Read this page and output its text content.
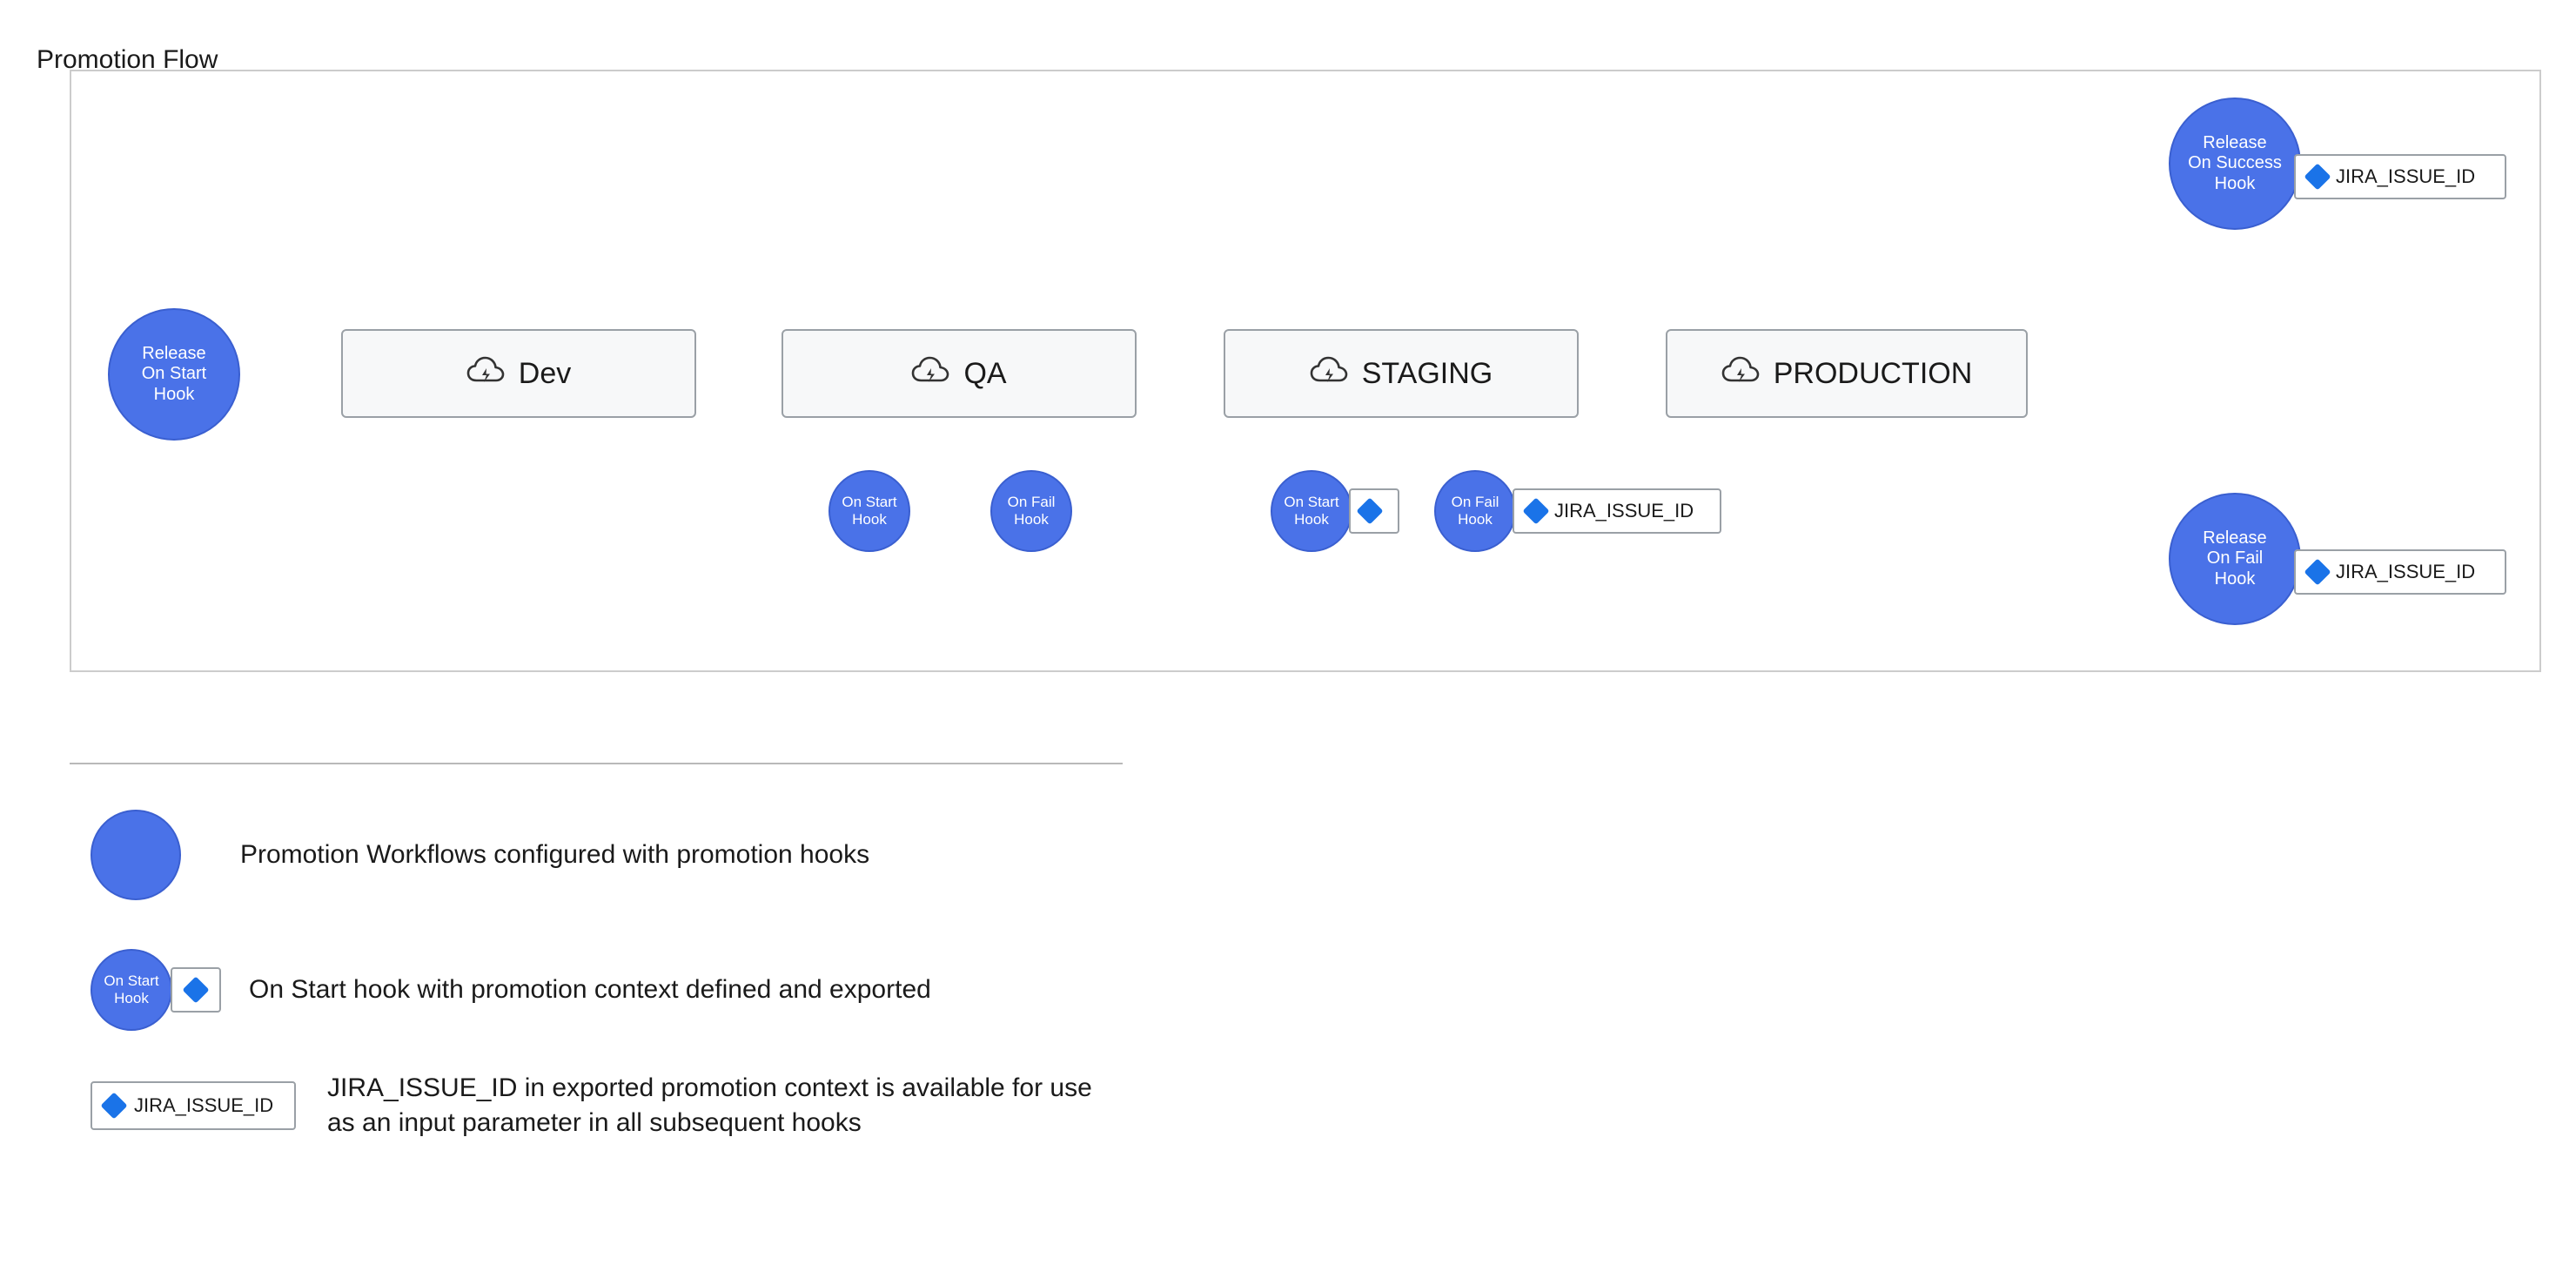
Promotion Flow
Release
On Start
Hook
Dev	QA	STAGING	PRODUCTION
On Start
Hook
On Fail
Hook
On Start
Hook
On Fail
Hook	JIRA_ISSUE_ID
Release
On Success
Hook	JIRA_ISSUE_ID
Release
On Fail
Hook	JIRA_ISSUE_ID
Promotion Workflows configured with promotion hooks
On Start
Hook	On Start hook with promotion context defined and exported
JIRA_ISSUE_ID
JIRA_ISSUE_ID in exported promotion context is available for use as an input parameter in all subsequent hooks
